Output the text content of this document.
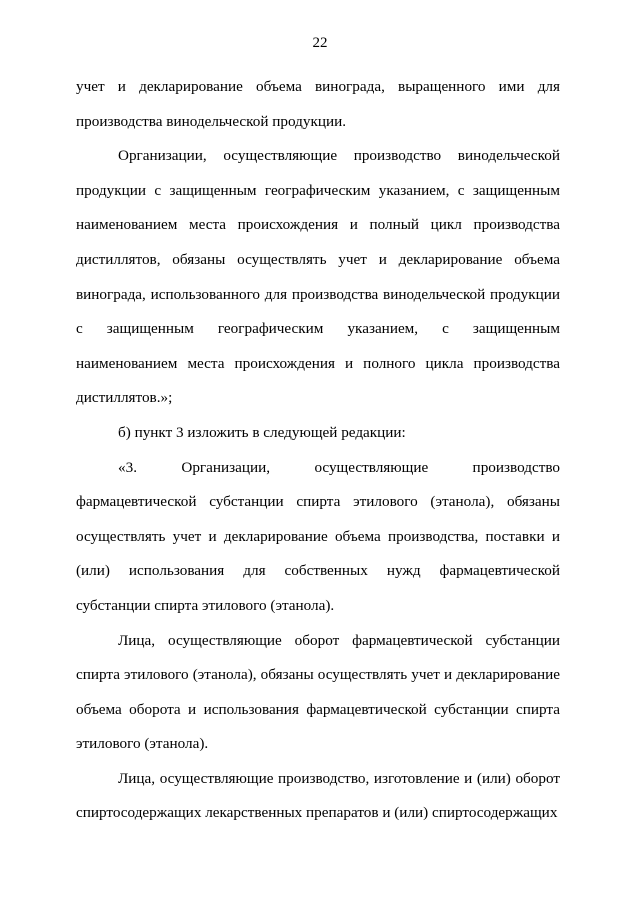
22

учет и декларирование объема винограда, выращенного ими для производства винодельческой продукции.

Организации, осуществляющие производство винодельческой продукции с защищенным географическим указанием, с защищенным наименованием места происхождения и полный цикл производства дистиллятов, обязаны осуществлять учет и декларирование объема винограда, использованного для производства винодельческой продукции с защищенным географическим указанием, с защищенным наименованием места происхождения и полного цикла производства дистиллятов.»;

б) пункт 3 изложить в следующей редакции:

«3. Организации, осуществляющие производство фармацевтической субстанции спирта этилового (этанола), обязаны осуществлять учет и декларирование объема производства, поставки и (или) использования для собственных нужд фармацевтической субстанции спирта этилового (этанола).

Лица, осуществляющие оборот фармацевтической субстанции спирта этилового (этанола), обязаны осуществлять учет и декларирование объема оборота и использования фармацевтической субстанции спирта этилового (этанола).

Лица, осуществляющие производство, изготовление и (или) оборот спиртосодержащих лекарственных препаратов и (или) спиртосодержащих
